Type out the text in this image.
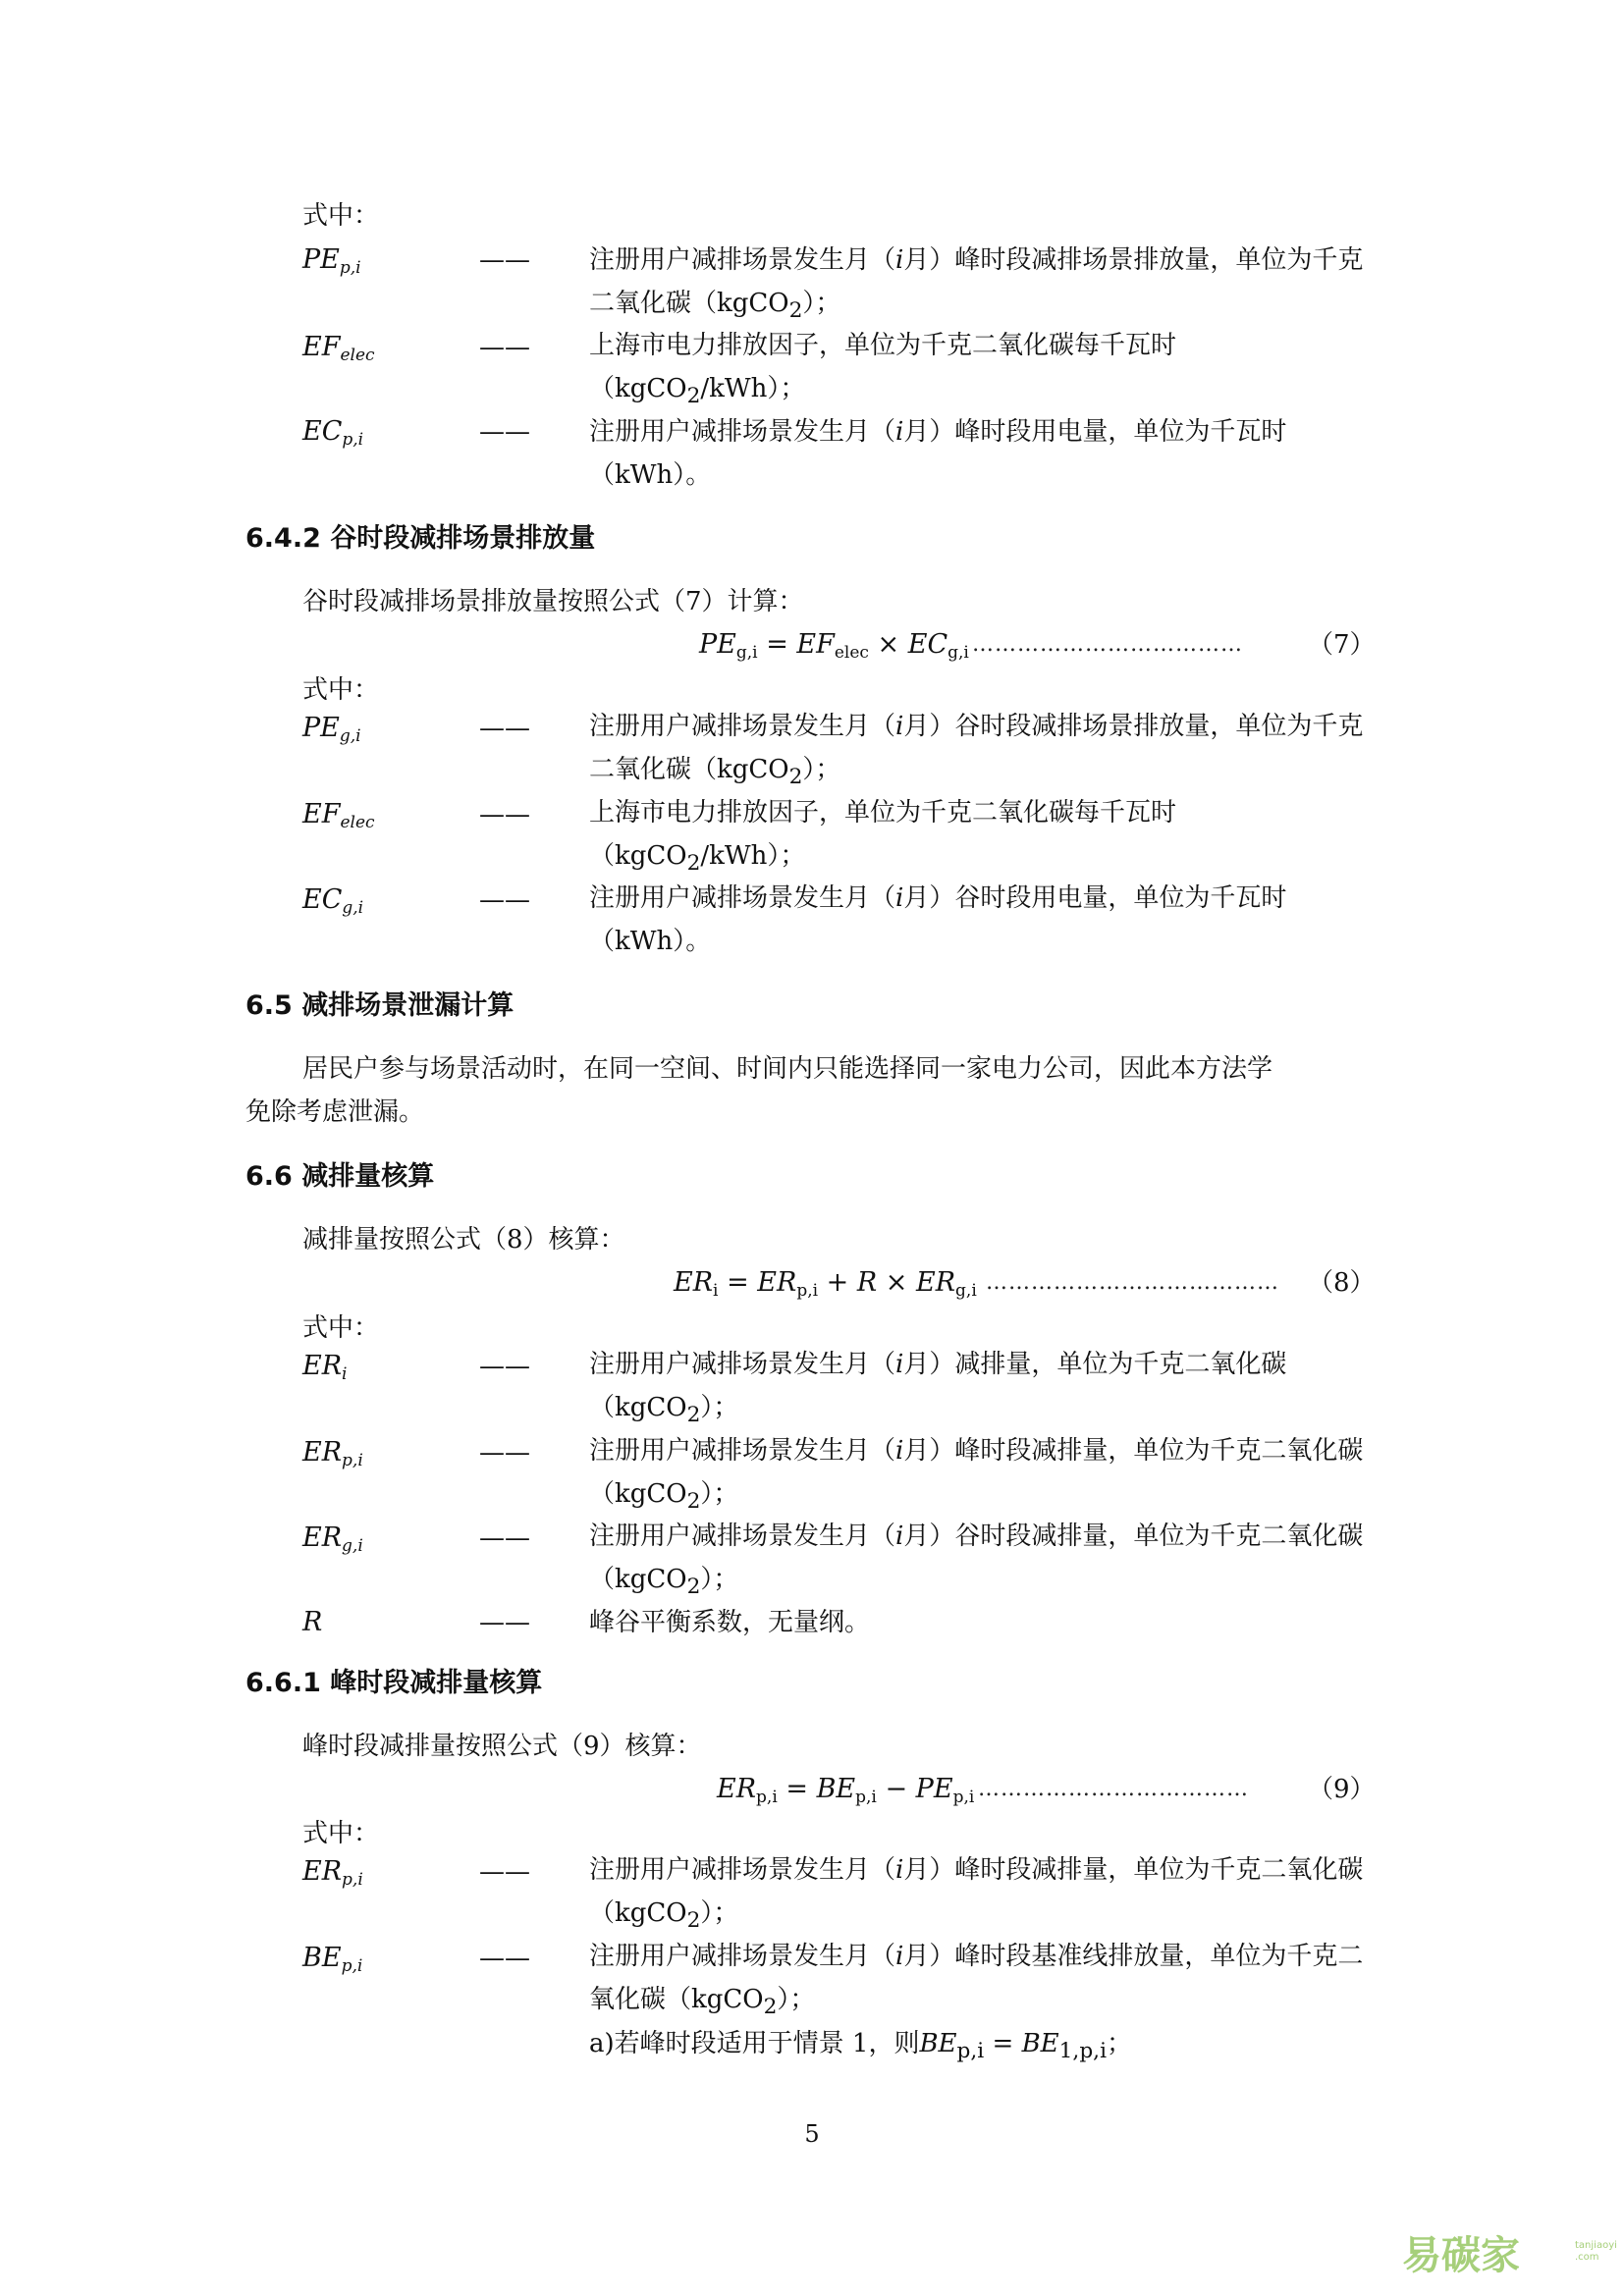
式中：
$PE_{p,i}$	—— 注册用户减排场景发生月（i月）峰时段减排场景排放量，单位为千克二氧化碳（kgCO$_2$）；
$EF_{elec}$	—— 上海市电力排放因子，单位为千克二氧化碳每千瓦时（kgCO$_2$/kWh）；
$EC_{p,i}$	—— 注册用户减排场景发生月（i月）峰时段用电量，单位为千瓦时（kWh）。
6.4.2 谷时段减排场景排放量
谷时段减排场景排放量按照公式（7）计算：
$PE_{g,i} = EF_{elec} \times EC_{g,i}$ ………………………………	（7）
式中：
$PE_{g,i}$	—— 注册用户减排场景发生月（i月）谷时段减排场景排放量，单位为千克二氧化碳（kgCO$_2$）；
$EF_{elec}$	—— 上海市电力排放因子，单位为千克二氧化碳每千瓦时（kgCO$_2$/kWh）；
$EC_{g,i}$	—— 注册用户减排场景发生月（i月）谷时段用电量，单位为千瓦时（kWh）。
6.5 减排场景泄漏计算
居民户参与场景活动时，在同一空间、时间内只能选择同一家电力公司，因此本方法学
免除考虑泄漏。
6.6 减排量核算
减排量按照公式（8）核算：
$ER_i = ER_{p,i} + R \times ER_{g,i}$ ………………………………… （8）
式中：
$ER_i$	—— 注册用户减排场景发生月（i月）减排量，单位为千克二氧化碳（kgCO$_2$）；
$ER_{p,i}$	—— 注册用户减排场景发生月（i月）峰时段减排量，单位为千克二氧化碳（kgCO$_2$）；
$ER_{g,i}$	—— 注册用户减排场景发生月（i月）谷时段减排量，单位为千克二氧化碳（kgCO$_2$）；
R	—— 峰谷平衡系数，无量纲。
6.6.1 峰时段减排量核算
峰时段减排量按照公式（9）核算：
$ER_{p,i} = BE_{p,i} - PE_{p,i}$ ……………………………… （9）
式中：
$ER_{p,i}$	—— 注册用户减排场景发生月（i月）峰时段减排量，单位为千克二氧化碳（kgCO$_2$）；
$BE_{p,i}$	—— 注册用户减排场景发生月（i月）峰时段基准线排放量，单位为千克二氧化碳（kgCO$_2$）；
a)若峰时段适用于情景 1，则$BE_{p,i} = BE_{1,p,i}$；
5
易碳家	tanjiaoyi .com
